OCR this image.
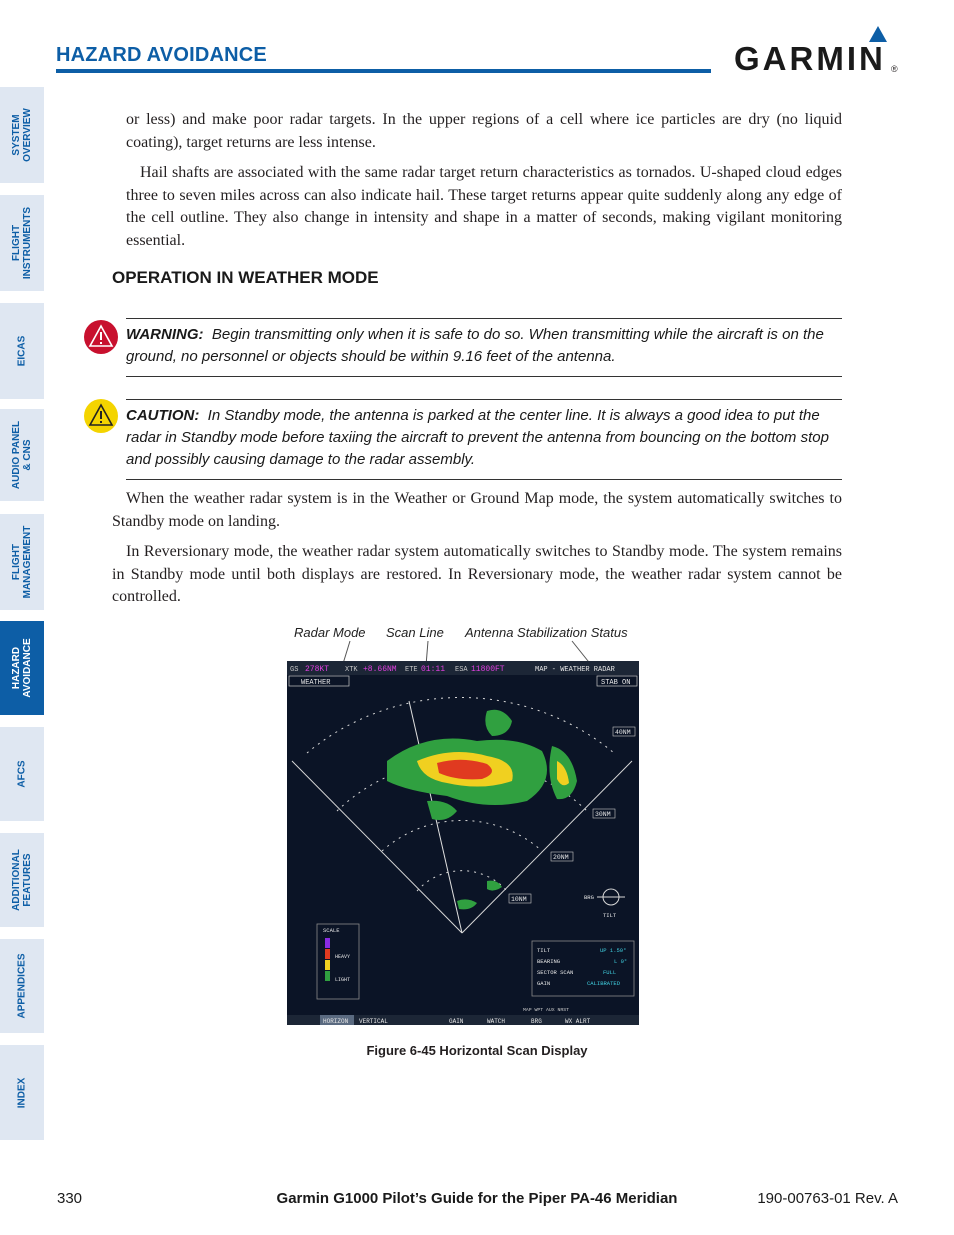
HAZARD AVOIDANCE	GARMIN ®
SYSTEM
OVERVIEW
FLIGHT
INSTRUMENTS
EICAS
AUDIO PANEL
& CNS
FLIGHT
MANAGEMENT
HAZARD
AVOIDANCE
AFCS
ADDITIONAL
FEATURES
APPENDICES
INDEX

or less) and make poor radar targets. In the upper regions of a cell where ice particles are dry (no liquid coating), target returns are less intense.

Hail shafts are associated with the same radar target return characteristics as tornados. U-shaped cloud edges three to seven miles across can also indicate hail. These target returns appear quite suddenly along any edge of the cell outline. They also change in intensity and shape in a matter of seconds, making vigilant monitoring essential.

OPERATION IN WEATHER MODE
WARNING: Begin transmitting only when it is safe to do so. When transmitting while the aircraft is on the ground, no personnel or objects should be within 9.16 feet of the antenna.
CAUTION: In Standby mode, the antenna is parked at the center line. It is always a good idea to put the radar in Standby mode before taxiing the aircraft to prevent the antenna from bouncing on the bottom stop and possibly causing damage to the radar assembly.

When the weather radar system is in the Weather or Ground Map mode, the system automatically switches to Standby mode on landing.

In Reversionary mode, the weather radar system automatically switches to Standby mode. The system remains in Standby mode until both displays are restored. In Reversionary mode, the weather radar system cannot be controlled.

Radar Mode Scan Line Antenna Stabilization Status
GS 278KT XTK +8.66NM ETE 01:11 ESA 11800FT	MAP - WEATHER RADAR
WEATHER	STAB ON
40NM
30NM
20NM
10NM	BRG
TILT
SCALE
HEAVY
LIGHT
TILT	UP 1.50°
BEARING	L 0°
SECTOR SCAN	FULL
GAIN	CALIBRATED
MAP WPT AUX NRST
HORIZON VERTICAL	GAIN	WATCH	BRG	WX ALRT
Figure 6-45 Horizontal Scan Display
330	Garmin G1000 Pilot’s Guide for the Piper PA-46 Meridian	190-00763-01 Rev. A
